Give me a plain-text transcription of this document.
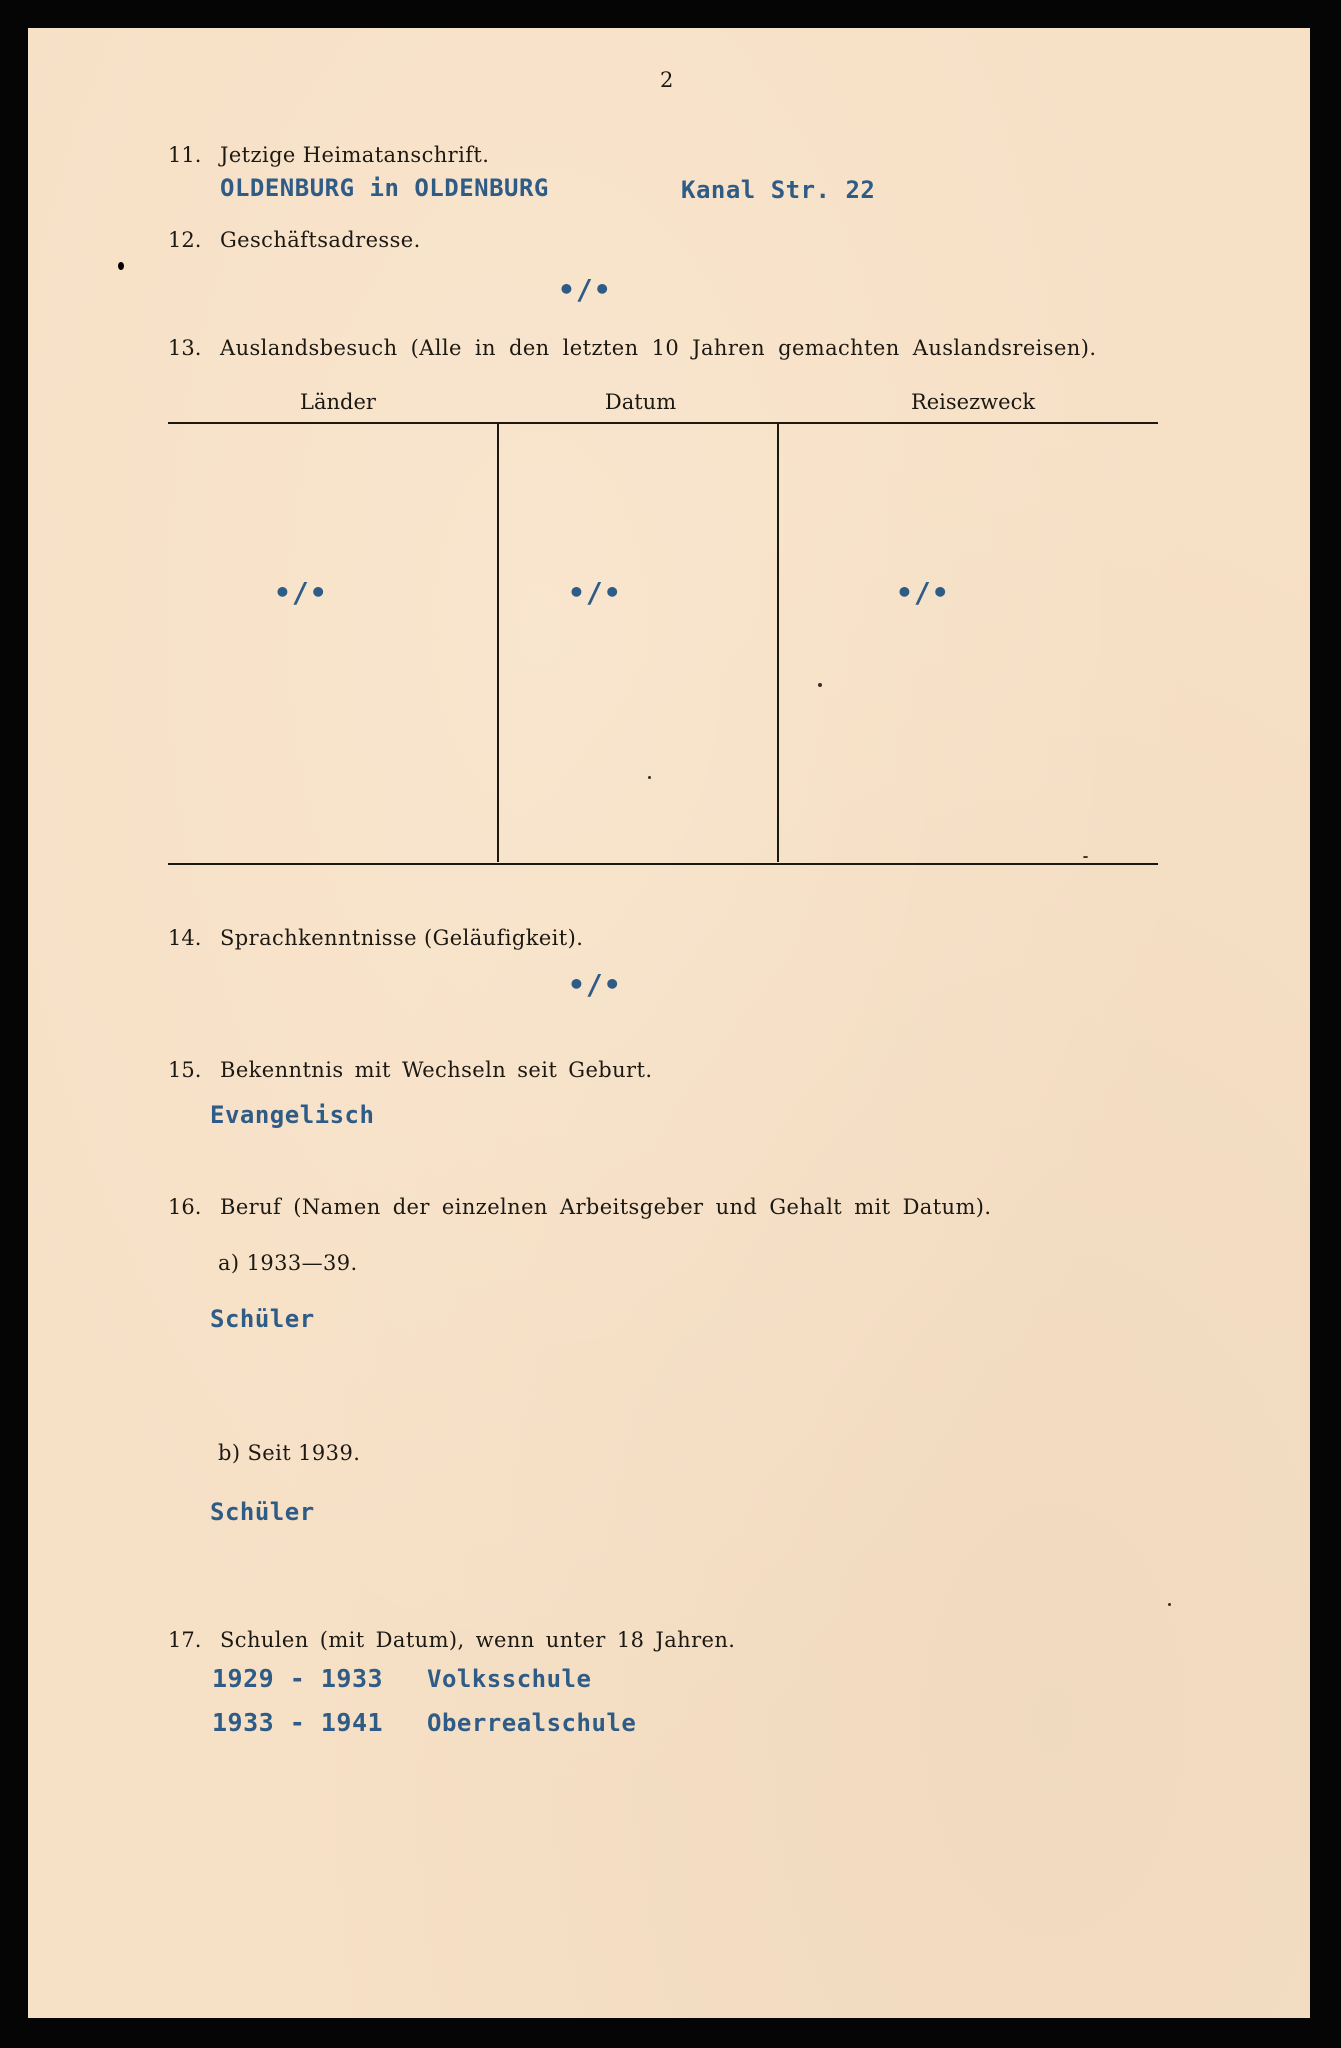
2
11. Jetzige Heimatanschrift.
OLDENBURG in OLDENBURG	Kanal Str. 22
12. Geschäftsadresse.
•/•
13. Auslandsbesuch (Alle in den letzten 10 Jahren gemachten Auslandsreisen).
Länder	Datum	Reisezweck
•/•	•/•	•/•
14. Sprachkenntnisse (Geläufigkeit).
•/•
15. Bekenntnis mit Wechseln seit Geburt.
Evangelisch
16. Beruf (Namen der einzelnen Arbeitsgeber und Gehalt mit Datum).
a) 1933—39.
Schüler
b) Seit 1939.
Schüler
17. Schulen (mit Datum), wenn unter 18 Jahren.
1929 - 1933 Volksschule
1933 - 1941 Oberrealschule
